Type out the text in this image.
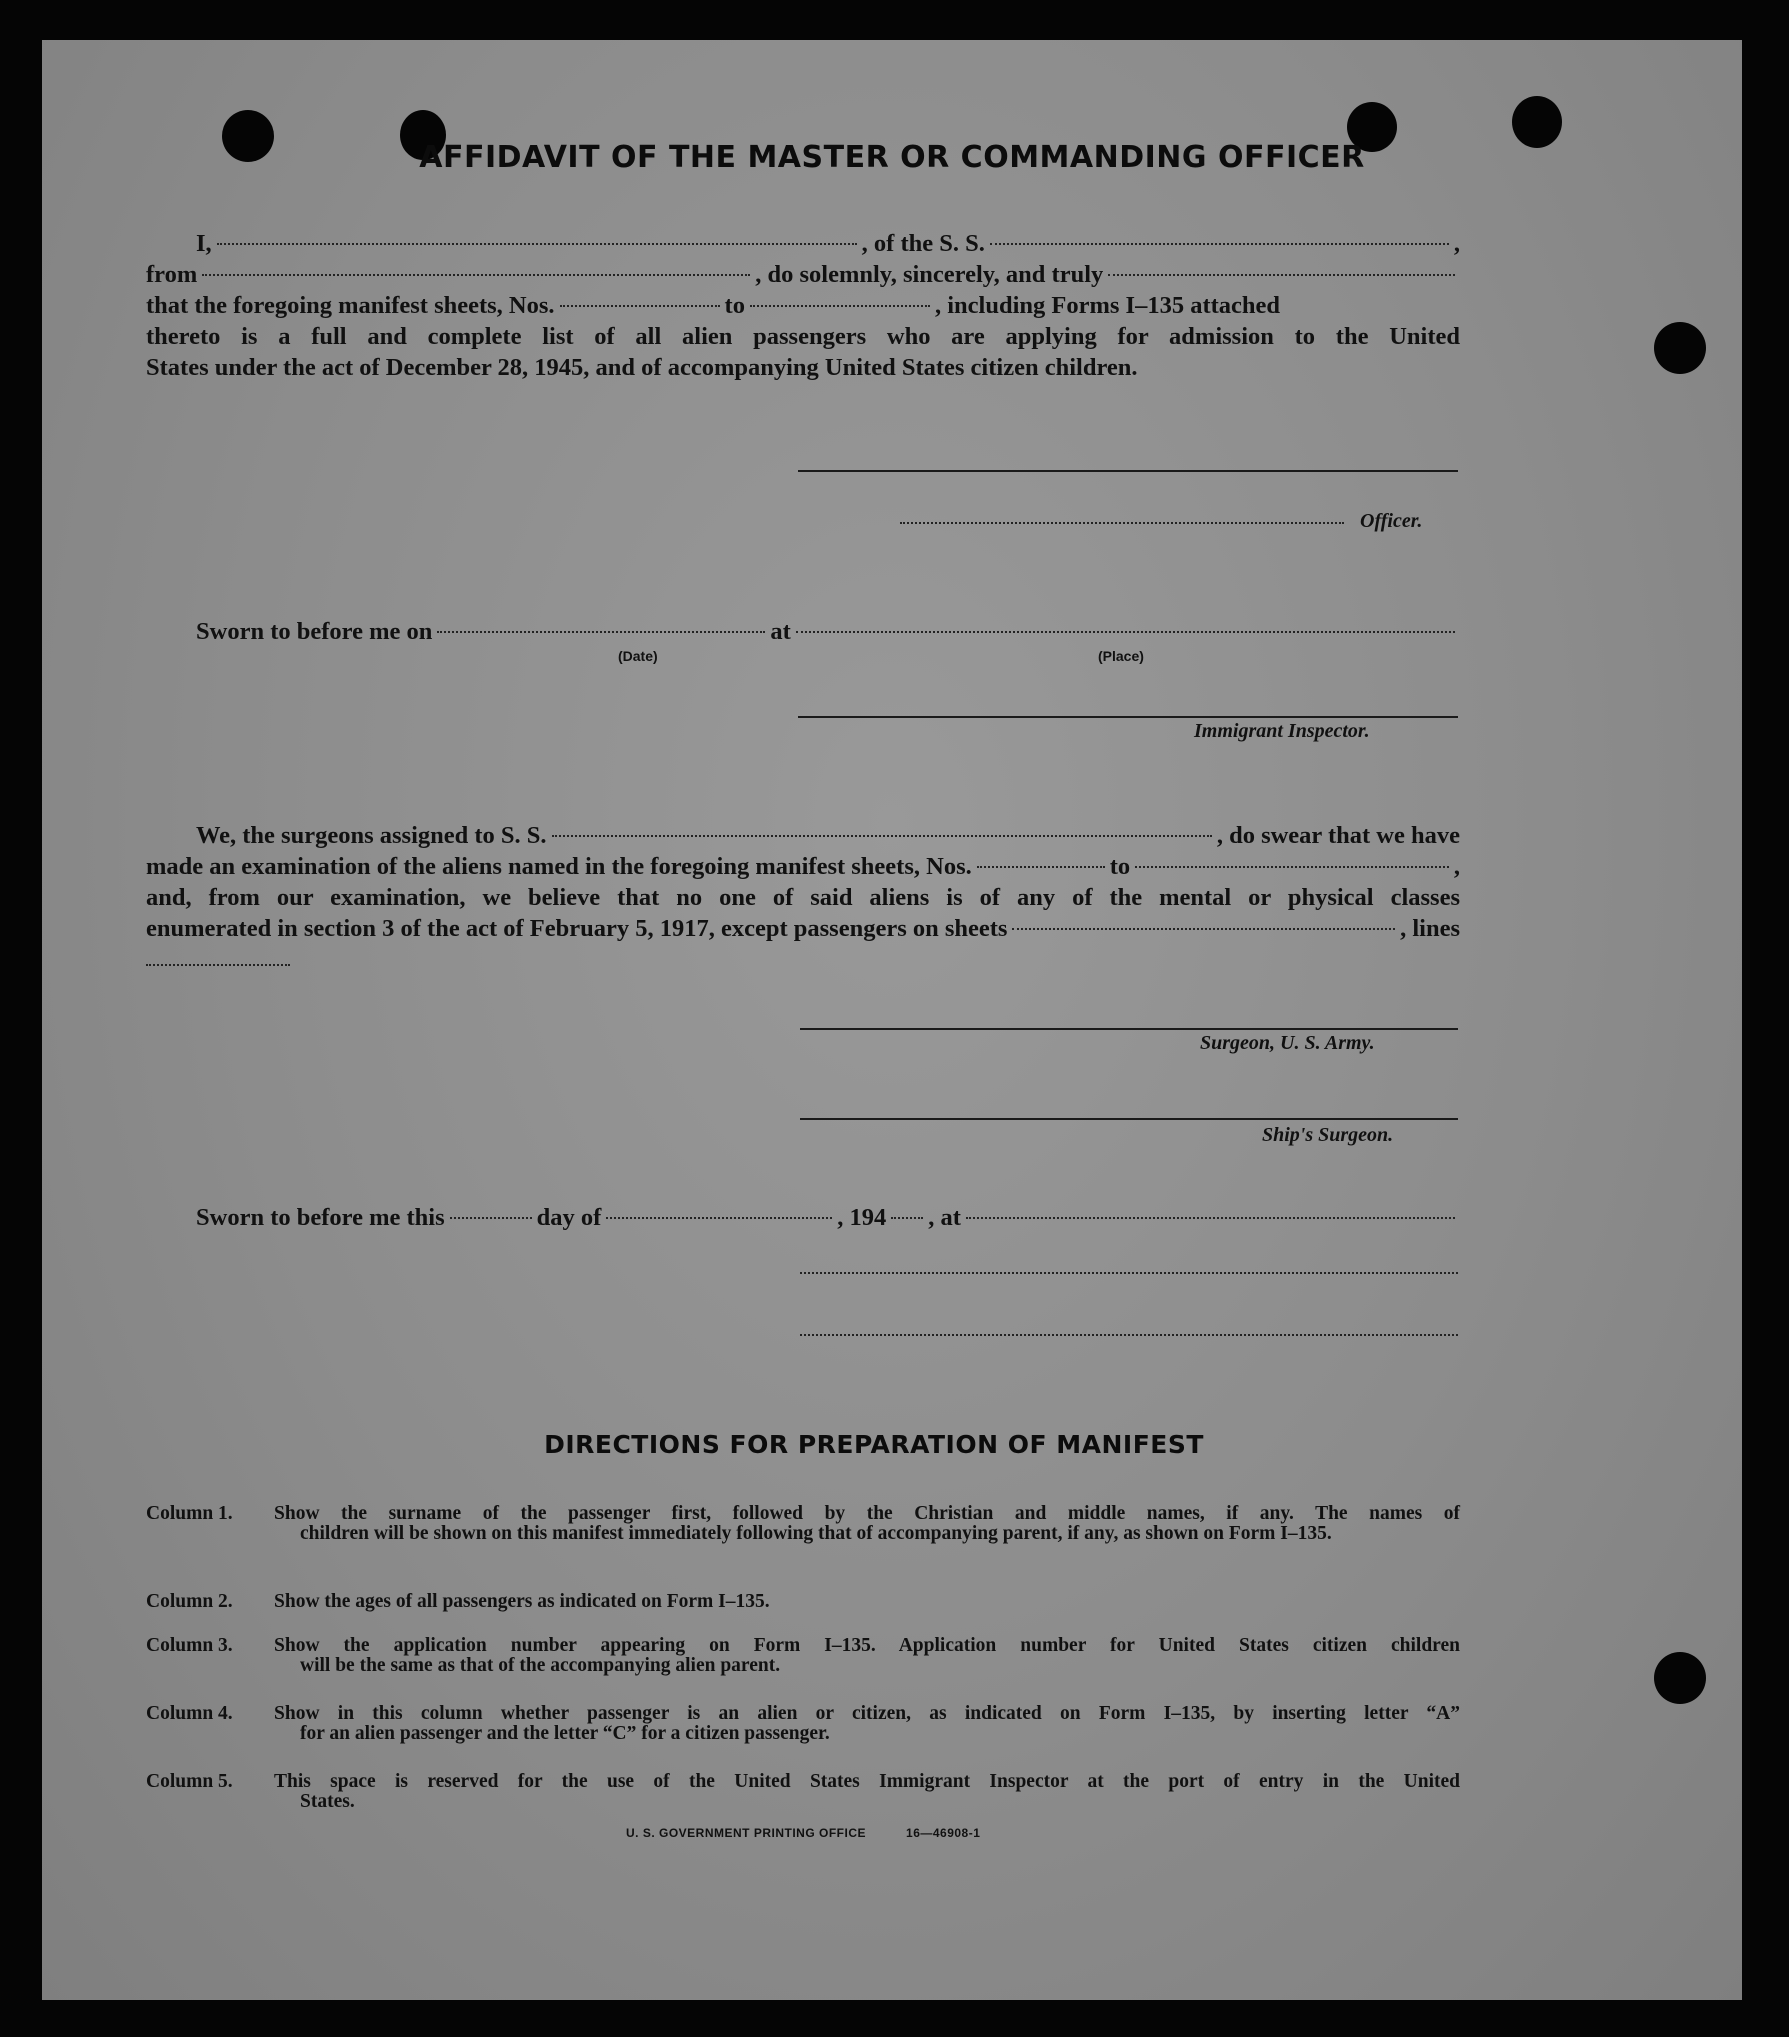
AFFIDAVIT OF THE MASTER OR COMMANDING OFFICER
I,	, of the S. S.	,
from	, do solemnly, sincerely, and truly
that the foregoing manifest sheets, Nos.	to	, including Forms I–135 attached
thereto is a full and complete list of all alien passengers who are applying for admission to the United
States under the act of December 28, 1945, and of accompanying United States citizen children.
Officer.
Sworn to before me on	at
(Date)	(Place)
Immigrant Inspector.
We, the surgeons assigned to S. S.	, do swear that we have
made an examination of the aliens named in the foregoing manifest sheets, Nos.	to	,
and, from our examination, we believe that no one of said aliens is of any of the mental or physical classes
enumerated in section 3 of the act of February 5, 1917, except passengers on sheets	, lines
Surgeon, U. S. Army.
Ship's Surgeon.
Sworn to before me this	day of	, 194 , at
DIRECTIONS FOR PREPARATION OF MANIFEST
Column 1.	Show the surname of the passenger first, followed by the Christian and middle names, if any. The names of
children will be shown on this manifest immediately following that of accompanying parent, if any, as shown on Form I–135.
Column 2.	Show the ages of all passengers as indicated on Form I–135.
Column 3.	Show the application number appearing on Form I–135. Application number for United States citizen children
will be the same as that of the accompanying alien parent.
Column 4.	Show in this column whether passenger is an alien or citizen, as indicated on Form I–135, by inserting letter “A”
for an alien passenger and the letter “C” for a citizen passenger.
Column 5.	This space is reserved for the use of the United States Immigrant Inspector at the port of entry in the United
States.
U. S. GOVERNMENT PRINTING OFFICE	16—46908-1
